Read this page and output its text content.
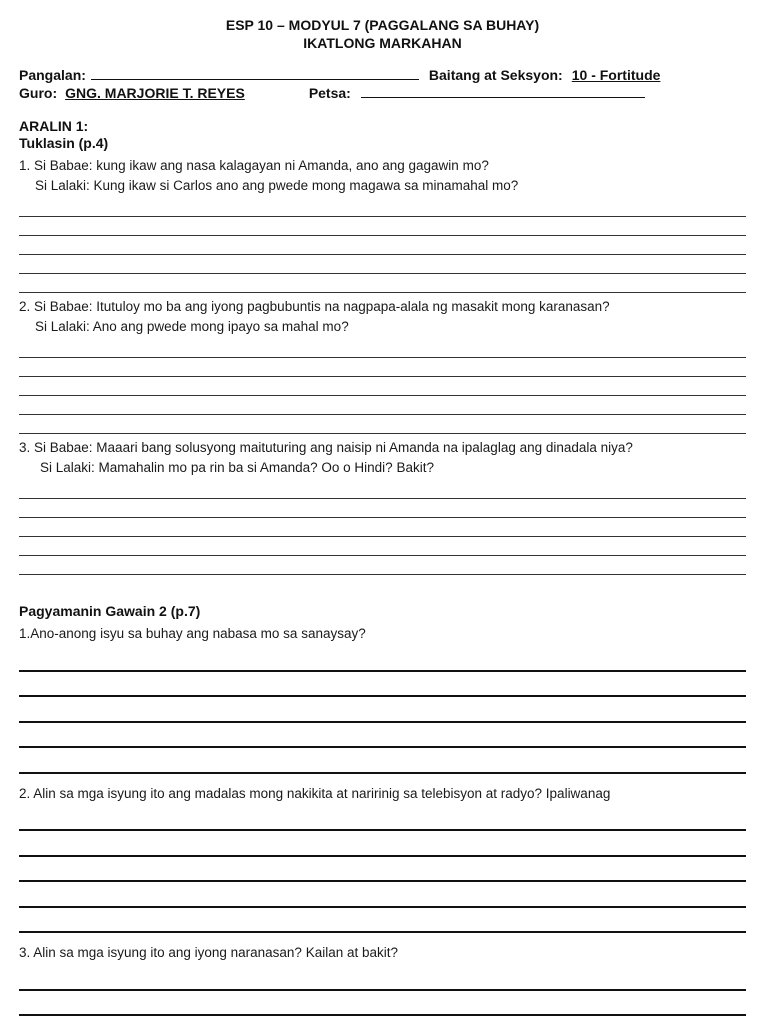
ESP 10 – MODYUL 7 (PAGGALANG SA BUHAY)
IKATLONG MARKAHAN
Pangalan:	Baitang at Seksyon: 10 - Fortitude
Guro: GNG. MARJORIE T. REYES	Petsa:
ARALIN 1:
Tuklasin (p.4)
1. Si Babae: kung ikaw ang nasa kalagayan ni Amanda, ano ang gagawin mo?
Si Lalaki: Kung ikaw si Carlos ano ang pwede mong magawa sa minamahal mo?
2. Si Babae: Itutuloy mo ba ang iyong pagbubuntis na nagpapa-alala ng masakit mong karanasan?
Si Lalaki: Ano ang pwede mong ipayo sa mahal mo?
3. Si Babae: Maaari bang solusyong maituturing ang naisip ni Amanda na ipalaglag ang dinadala niya?
Si Lalaki: Mamahalin mo pa rin ba si Amanda? Oo o Hindi? Bakit?
Pagyamanin Gawain 2 (p.7)
1.Ano-anong isyu sa buhay ang nabasa mo sa sanaysay?
2. Alin sa mga isyung ito ang madalas mong nakikita at naririnig sa telebisyon at radyo? Ipaliwanag
3. Alin sa mga isyung ito ang iyong naranasan? Kailan at bakit?
